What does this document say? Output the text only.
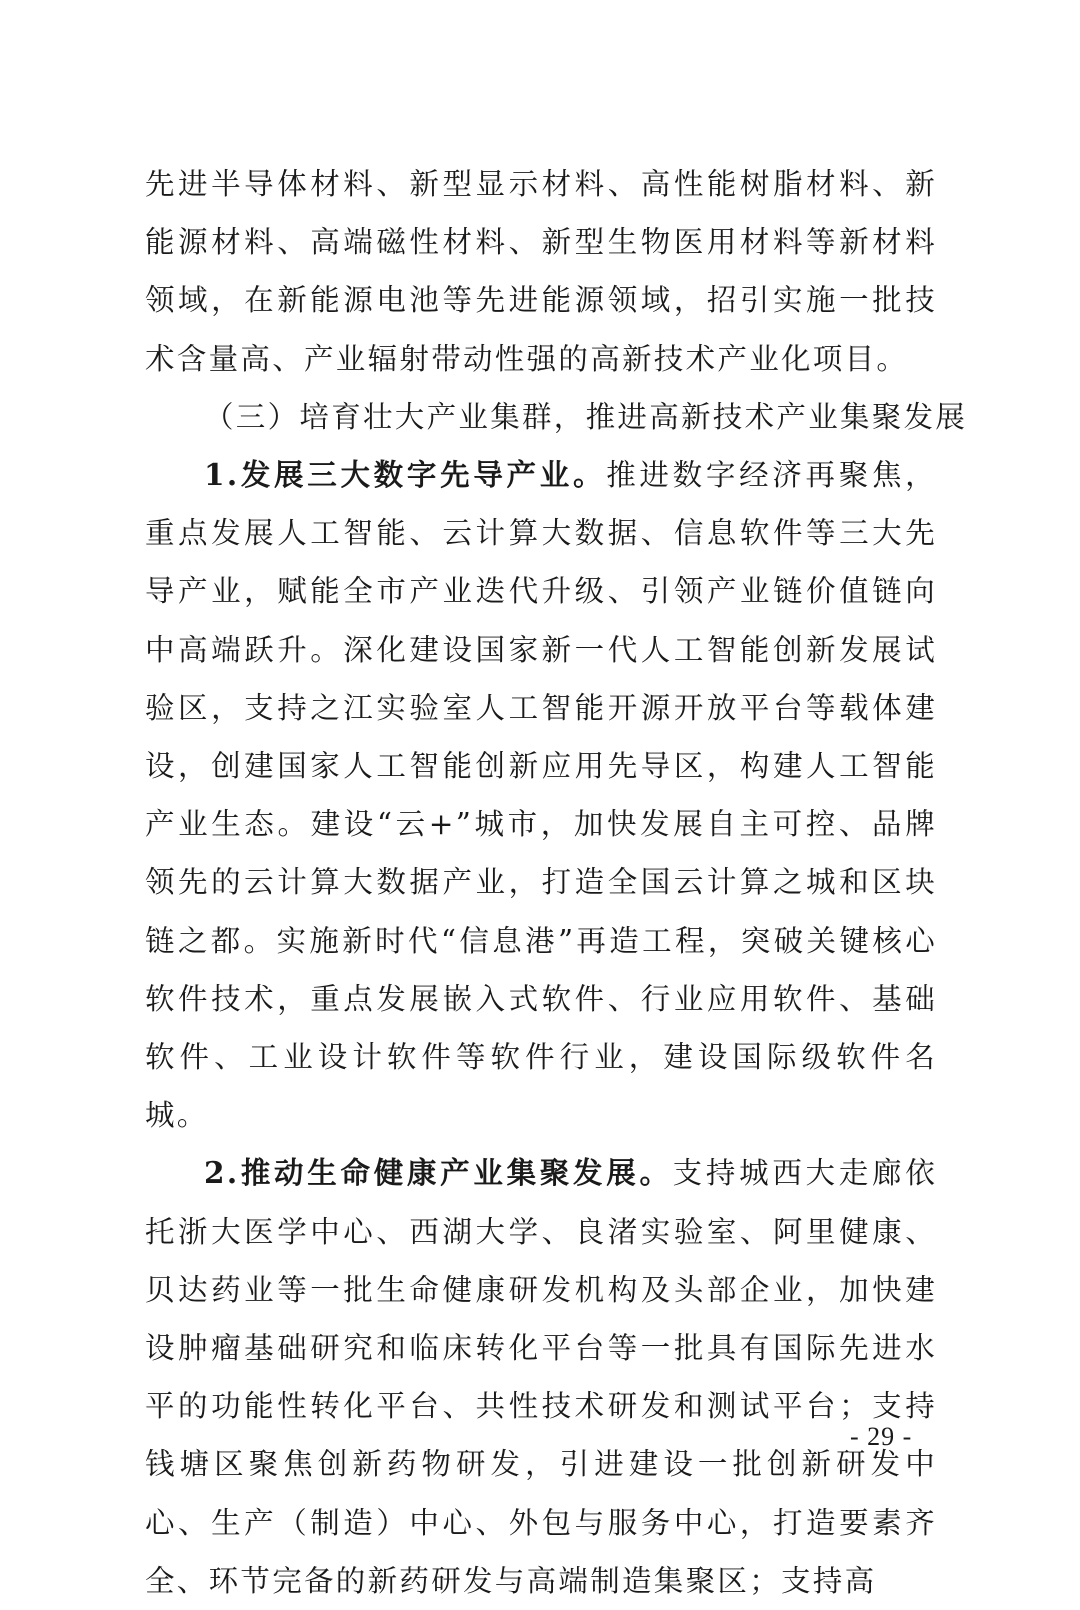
先进半导体材料、新型显示材料、高性能树脂材料、新能源材料、高端磁性材料、新型生物医用材料等新材料领域，在新能源电池等先进能源领域，招引实施一批技术含量高、产业辐射带动性强的高新技术产业化项目。

（三）培育壮大产业集群，推进高新技术产业集聚发展

1.发展三大数字先导产业。推进数字经济再聚焦，重点发展人工智能、云计算大数据、信息软件等三大先导产业，赋能全市产业迭代升级、引领产业链价值链向中高端跃升。深化建设国家新一代人工智能创新发展试验区，支持之江实验室人工智能开源开放平台等载体建设，创建国家人工智能创新应用先导区，构建人工智能产业生态。建设“云+”城市，加快发展自主可控、品牌领先的云计算大数据产业，打造全国云计算之城和区块链之都。实施新时代“信息港”再造工程，突破关键核心软件技术，重点发展嵌入式软件、行业应用软件、基础软件、工业设计软件等软件行业，建设国际级软件名城。

2.推动生命健康产业集聚发展。支持城西大走廊依托浙大医学中心、西湖大学、良渚实验室、阿里健康、贝达药业等一批生命健康研发机构及头部企业，加快建设肿瘤基础研究和临床转化平台等一批具有国际先进水平的功能性转化平台、共性技术研发和测试平台；支持钱塘区聚焦创新药物研发，引进建设一批创新研发中心、生产（制造）中心、外包与服务中心，打造要素齐全、环节完备的新药研发与高端制造集聚区；支持高

- 29 -
